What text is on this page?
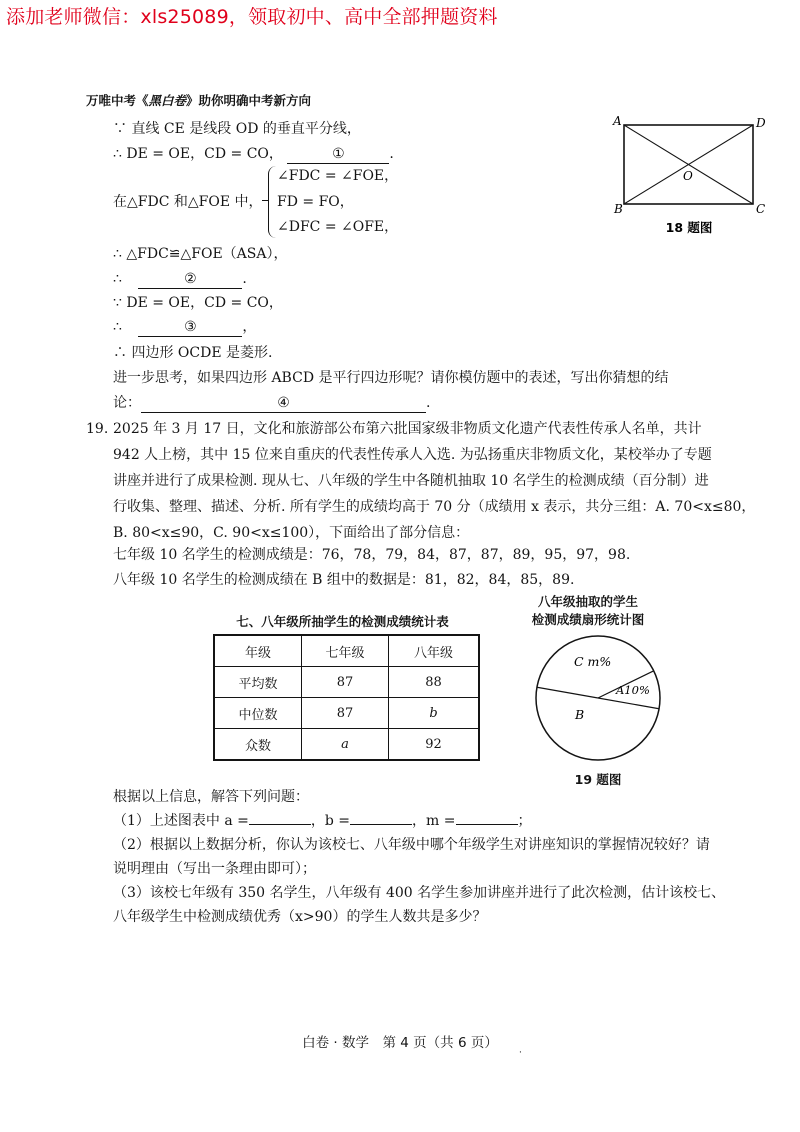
添加老师微信：xls25089，领取初中、高中全部押题资料
万唯中考《黑白卷》助你明确中考新方向
∵ 直线 CE 是线段 OD 的垂直平分线，
∴ DE = OE，CD = CO，	①	.
在△FDC 和△FOE 中，
∠FDC = ∠FOE，
FD = FO，
∠DFC = ∠OFE，
∴ △FDC≌△FOE（ASA），
∴	②	.
∵ DE = OE，CD = CO，
∴	③	，
∴ 四边形 OCDE 是菱形.
进一步思考，如果四边形 ABCD 是平行四边形呢？请你模仿题中的表述，写出你猜想的结
论：	④	.
A
B	C
D
O
18 题图
19. 2025 年 3 月 17 日，文化和旅游部公布第六批国家级非物质文化遗产代表性传承人名单，共计
942 人上榜，其中 15 位来自重庆的代表性传承人入选. 为弘扬重庆非物质文化，某校举办了专题
讲座并进行了成果检测. 现从七、八年级的学生中各随机抽取 10 名学生的检测成绩（百分制）进
行收集、整理、描述、分析. 所有学生的成绩均高于 70 分（成绩用 x 表示，共分三组：A. 70<x≤80，
B. 80<x≤90，C. 90<x≤100），下面给出了部分信息：
七年级 10 名学生的检测成绩是：76，78，79，84，87，87，89，95，97，98.
八年级 10 名学生的检测成绩在 B 组中的数据是：81，82，84，85，89.
七、八年级所抽学生的检测成绩统计表
年级	七年级	八年级
平均数	87	88
中位数	87	b
众数	a	92
八年级抽取的学生
检测成绩扇形统计图
C m%
A10%
B
19 题图
根据以上信息，解答下列问题：
（1）上述图表中 a =	，b =	，m =	；
（2）根据以上数据分析，你认为该校七、八年级中哪个年级学生对讲座知识的掌握情况较好？请
说明理由（写出一条理由即可）；
（3）该校七年级有 350 名学生，八年级有 400 名学生参加讲座并进行了此次检测，估计该校七、
八年级学生中检测成绩优秀（x>90）的学生人数共是多少？
白卷 · 数学　第 4 页（共 6 页）
·
